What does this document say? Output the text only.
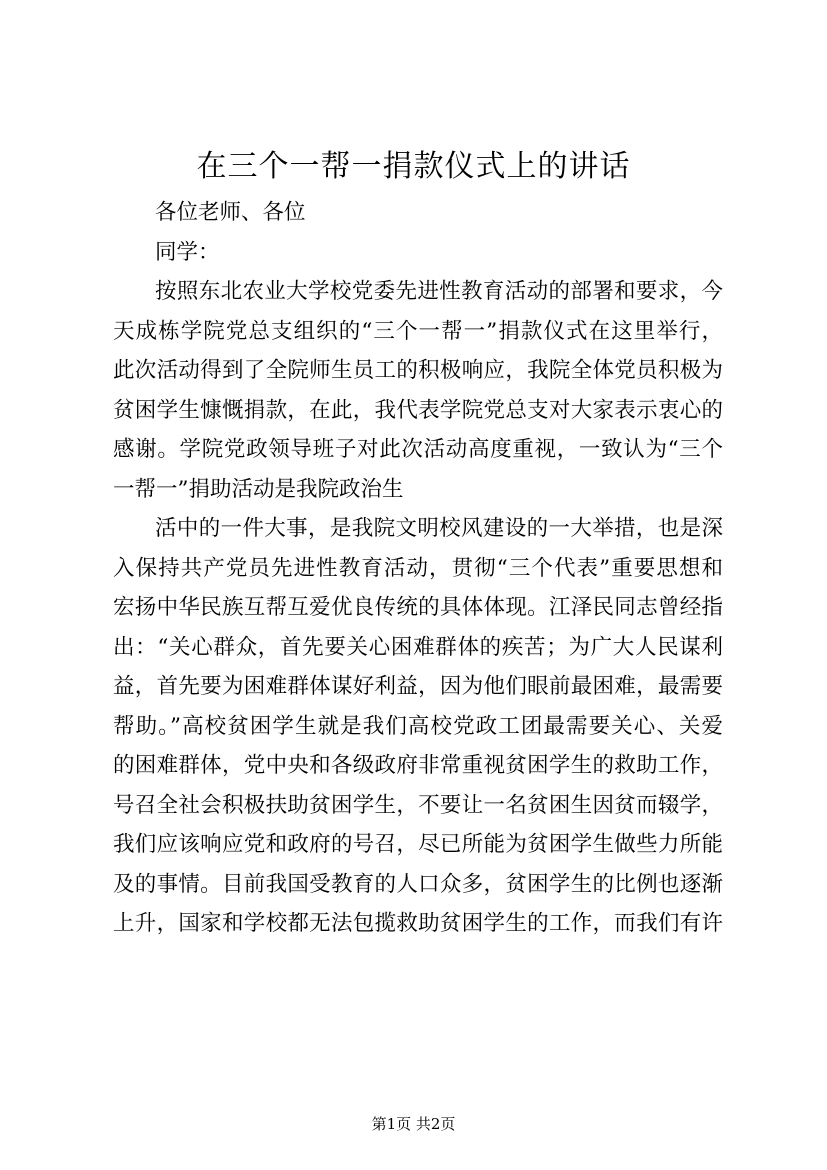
在三个一帮一捐款仪式上的讲话
各位老师、各位
同学：
按照东北农业大学校党委先进性教育活动的部署和要求，今
天成栋学院党总支组织的“三个一帮一”捐款仪式在这里举行，
此次活动得到了全院师生员工的积极响应，我院全体党员积极为
贫困学生慷慨捐款，在此，我代表学院党总支对大家表示衷心的
感谢。学院党政领导班子对此次活动高度重视，一致认为“三个
一帮一”捐助活动是我院政治生
活中的一件大事，是我院文明校风建设的一大举措，也是深
入保持共产党员先进性教育活动，贯彻“三个代表”重要思想和
宏扬中华民族互帮互爱优良传统的具体体现。江泽民同志曾经指
出：“关心群众，首先要关心困难群体的疾苦；为广大人民谋利
益，首先要为困难群体谋好利益，因为他们眼前最困难，最需要
帮助。”高校贫困学生就是我们高校党政工团最需要关心、关爱
的困难群体，党中央和各级政府非常重视贫困学生的救助工作，
号召全社会积极扶助贫困学生，不要让一名贫困生因贫而辍学，
我们应该响应党和政府的号召，尽已所能为贫困学生做些力所能
及的事情。目前我国受教育的人口众多，贫困学生的比例也逐渐
上升，国家和学校都无法包揽救助贫困学生的工作，而我们有许
第1页 共2页
